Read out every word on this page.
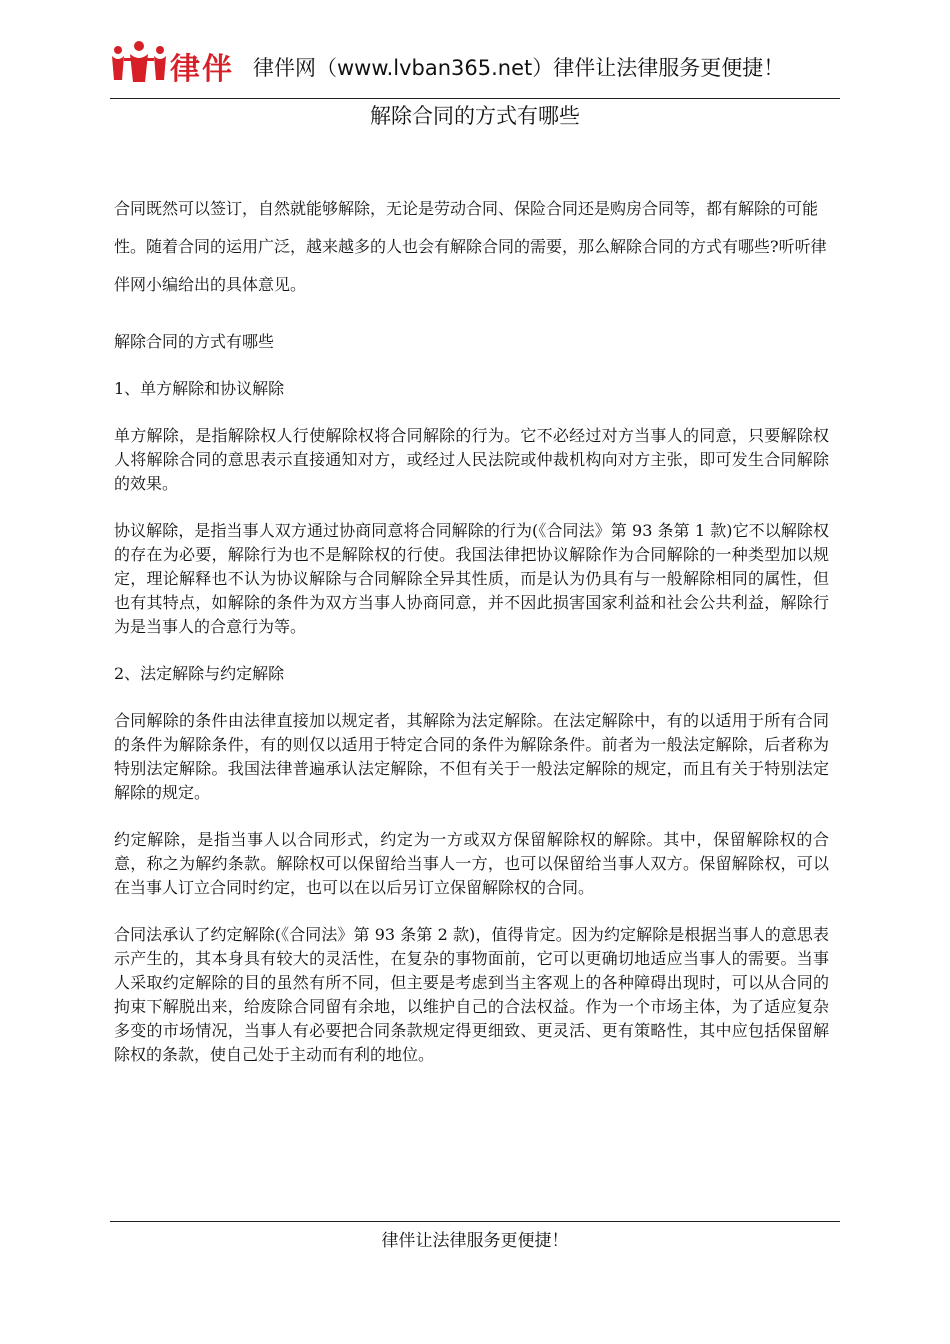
律伴 律伴网（www.lvban365.net）律伴让法律服务更便捷！
解除合同的方式有哪些

合同既然可以签订，自然就能够解除，无论是劳动合同、保险合同还是购房合同等，都有解除的可能性。随着合同的运用广泛，越来越多的人也会有解除合同的需要，那么解除合同的方式有哪些?听听律伴网小编给出的具体意见。

解除合同的方式有哪些

1、单方解除和协议解除

单方解除，是指解除权人行使解除权将合同解除的行为。它不必经过对方当事人的同意，只要解除权人将解除合同的意思表示直接通知对方，或经过人民法院或仲裁机构向对方主张，即可发生合同解除的效果。

协议解除，是指当事人双方通过协商同意将合同解除的行为(《合同法》第 93 条第 1 款)它不以解除权的存在为必要，解除行为也不是解除权的行使。我国法律把协议解除作为合同解除的一种类型加以规定，理论解释也不认为协议解除与合同解除全异其性质，而是认为仍具有与一般解除相同的属性，但也有其特点，如解除的条件为双方当事人协商同意，并不因此损害国家利益和社会公共利益，解除行为是当事人的合意行为等。

2、法定解除与约定解除

合同解除的条件由法律直接加以规定者，其解除为法定解除。在法定解除中，有的以适用于所有合同的条件为解除条件，有的则仅以适用于特定合同的条件为解除条件。前者为一般法定解除，后者称为特别法定解除。我国法律普遍承认法定解除，不但有关于一般法定解除的规定，而且有关于特别法定解除的规定。

约定解除，是指当事人以合同形式，约定为一方或双方保留解除权的解除。其中，保留解除权的合意，称之为解约条款。解除权可以保留给当事人一方，也可以保留给当事人双方。保留解除权，可以在当事人订立合同时约定，也可以在以后另订立保留解除权的合同。

合同法承认了约定解除(《合同法》第 93 条第 2 款)，值得肯定。因为约定解除是根据当事人的意思表示产生的，其本身具有较大的灵活性，在复杂的事物面前，它可以更确切地适应当事人的需要。当事人采取约定解除的目的虽然有所不同，但主要是考虑到当主客观上的各种障碍出现时，可以从合同的拘束下解脱出来，给废除合同留有余地，以维护自己的合法权益。作为一个市场主体，为了适应复杂多变的市场情况，当事人有必要把合同条款规定得更细致、更灵活、更有策略性，其中应包括保留解除权的条款，使自己处于主动而有利的地位。

律伴让法律服务更便捷！
